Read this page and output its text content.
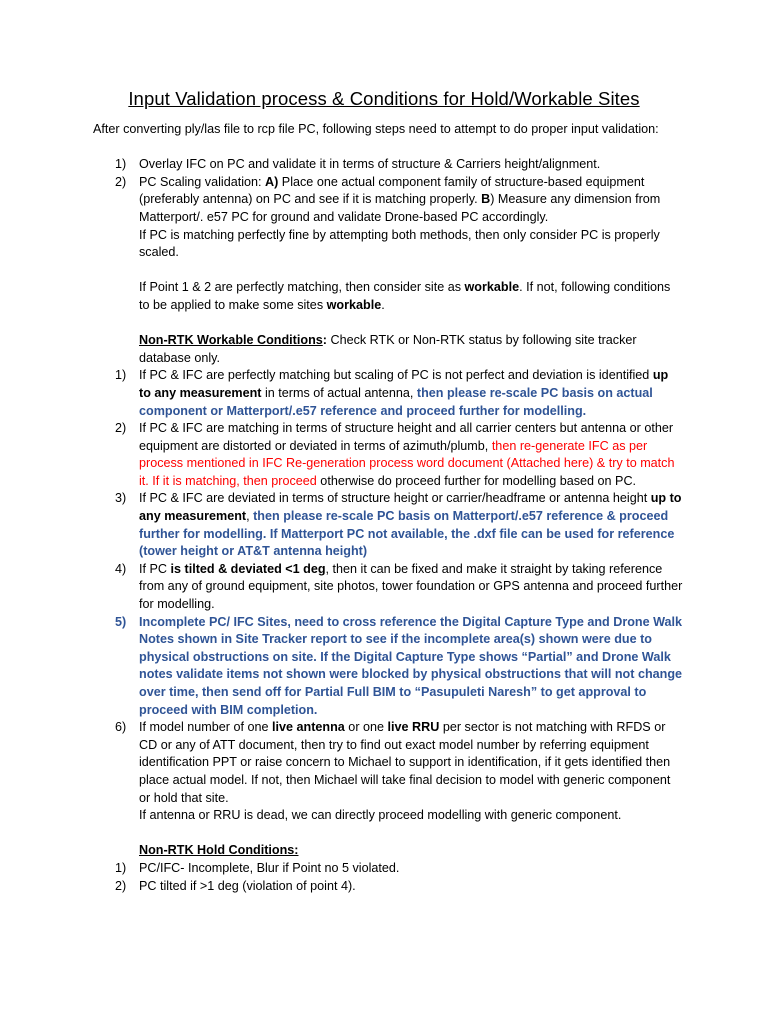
Input Validation process & Conditions for Hold/Workable Sites

After converting ply/las file to rcp file PC, following steps need to attempt to do proper input validation:

1) Overlay IFC on PC and validate it in terms of structure & Carriers height/alignment.
2) PC Scaling validation: A) Place one actual component family of structure-based equipment (preferably antenna) on PC and see if it is matching properly. B) Measure any dimension from Matterport/. e57 PC for ground and validate Drone-based PC accordingly.
If PC is matching perfectly fine by attempting both methods, then only consider PC is properly scaled.

If Point 1 & 2 are perfectly matching, then consider site as workable. If not, following conditions to be applied to make some sites workable.

Non-RTK Workable Conditions: Check RTK or Non-RTK status by following site tracker database only.

1) If PC & IFC are perfectly matching but scaling of PC is not perfect and deviation is identified up to any measurement in terms of actual antenna, then please re-scale PC basis on actual component or Matterport/.e57 reference and proceed further for modelling.
2) If PC & IFC are matching in terms of structure height and all carrier centers but antenna or other equipment are distorted or deviated in terms of azimuth/plumb, then re-generate IFC as per process mentioned in IFC Re-generation process word document (Attached here) & try to match it. If it is matching, then proceed otherwise do proceed further for modelling based on PC.
3) If PC & IFC are deviated in terms of structure height or carrier/headframe or antenna height up to any measurement, then please re-scale PC basis on Matterport/.e57 reference & proceed further for modelling. If Matterport PC not available, the .dxf file can be used for reference (tower height or AT&T antenna height)
4) If PC is tilted & deviated <1 deg, then it can be fixed and make it straight by taking reference from any of ground equipment, site photos, tower foundation or GPS antenna and proceed further for modelling.
5) Incomplete PC/ IFC Sites, need to cross reference the Digital Capture Type and Drone Walk Notes shown in Site Tracker report to see if the incomplete area(s) shown were due to physical obstructions on site. If the Digital Capture Type shows “Partial” and Drone Walk notes validate items not shown were blocked by physical obstructions that will not change over time, then send off for Partial Full BIM to “Pasupuleti Naresh” to get approval to proceed with BIM completion.
6) If model number of one live antenna or one live RRU per sector is not matching with RFDS or CD or any of ATT document, then try to find out exact model number by referring equipment identification PPT or raise concern to Michael to support in identification, if it gets identified then place actual model. If not, then Michael will take final decision to model with generic component or hold that site.
If antenna or RRU is dead, we can directly proceed modelling with generic component.

Non-RTK Hold Conditions:

1) PC/IFC- Incomplete, Blur if Point no 5 violated.
2) PC tilted if >1 deg (violation of point 4).
